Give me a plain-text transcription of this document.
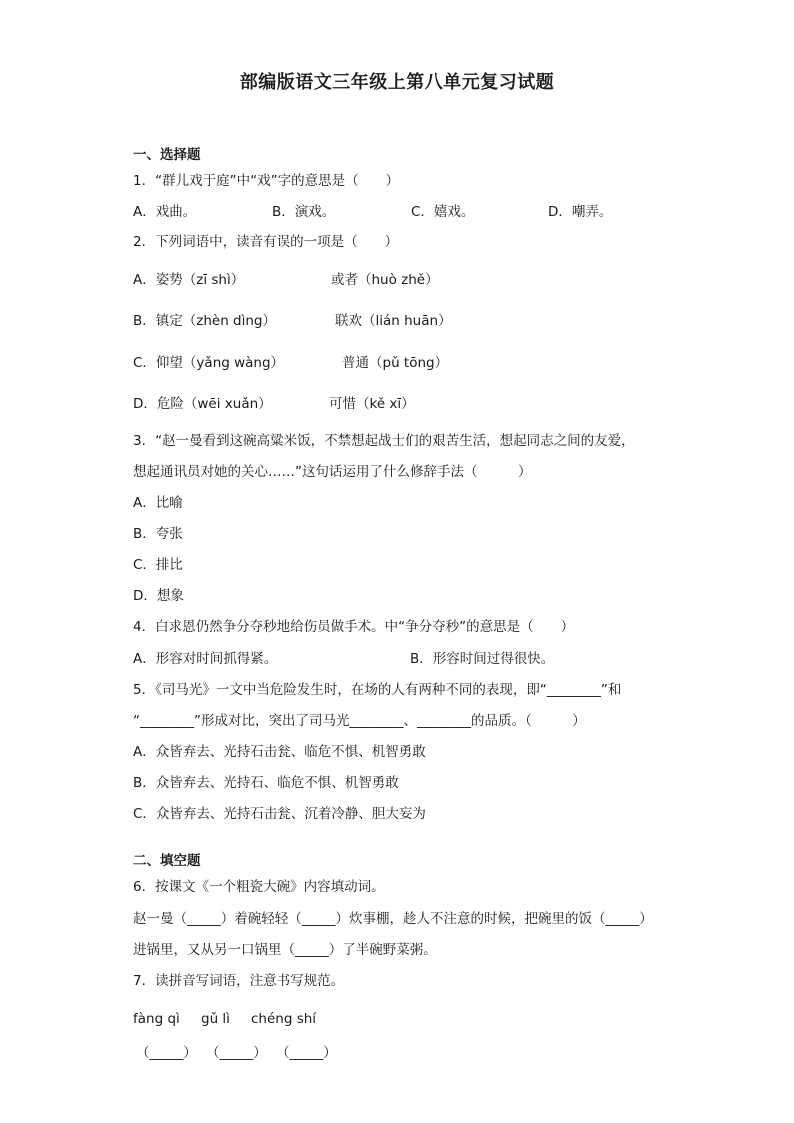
部编版语文三年级上第八单元复习试题
一、选择题
1．“群儿戏于庭”中“戏”字的意思是（　　）
A．戏曲。	B．演戏。	C．嬉戏。	D．嘲弄。
2．下列词语中，读音有误的一项是（　　）
A．姿势（zī shì）	或者（huò zhě）
B．镇定（zhèn dìng）	联欢（lián huān）
C．仰望（yǎng wàng）	普通（pǔ tōng）
D．危险（wēi xuǎn）	可惜（kě xī）
3．“赵一曼看到这碗高粱米饭，不禁想起战士们的艰苦生活，想起同志之间的友爱，
想起通讯员对她的关心……”这句话运用了什么修辞手法（　　　）
A．比喻
B．夸张
C．排比
D．想象
4．白求恩仍然争分夺秒地给伤员做手术。中“争分夺秒”的意思是（　　）
A．形容对时间抓得紧。	B．形容时间过得很快。
5．《司马光》一文中当危险发生时，在场的人有两种不同的表现，即“________”和
“________”形成对比，突出了司马光________、________的品质。（　　　）
A．众皆弃去、光持石击瓮、临危不惧、机智勇敢
B．众皆弃去、光持石、临危不惧、机智勇敢
C．众皆弃去、光持石击瓮、沉着冷静、胆大妄为
二、填空题
6．按课文《一个粗瓷大碗》内容填动词。
赵一曼（_____）着碗轻轻（_____）炊事棚，趁人不注意的时候，把碗里的饭（_____）
进锅里，又从另一口锅里（_____）了半碗野菜粥。
7．读拼音写词语，注意书写规范。
fàng qì gǔ lì chéng shí
（_____） （_____） （_____）
